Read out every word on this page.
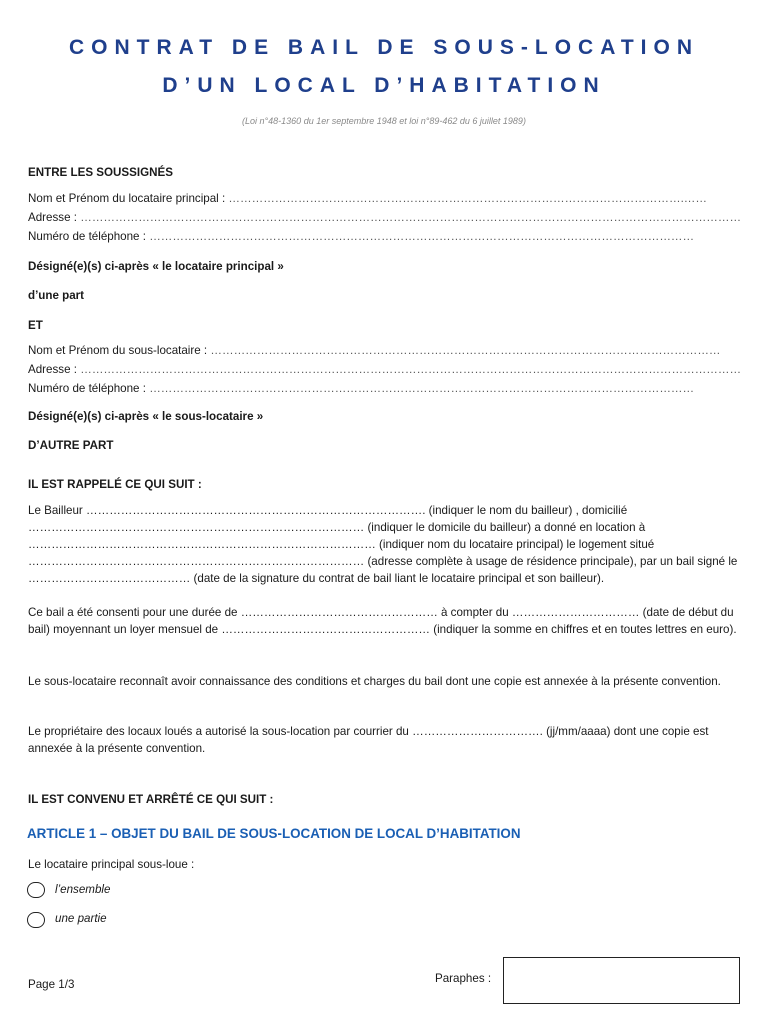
CONTRAT DE BAIL DE SOUS-LOCATION
D’UN LOCAL D’HABITATION
(Loi n°48-1360 du 1er septembre 1948 et loi n°89-462 du 6 juillet 1989)
ENTRE LES SOUSSIGNÉS
Nom et Prénom du locataire principal : ……………………………………………………………………………………………………….……
Adresse : ………………………………………………………………………………………………………………………………………………………
Numéro de téléphone : ……………………………………………………………………………………………………………………………
Désigné(e)(s) ci-après « le locataire principal »
d’une part
ET
Nom et Prénom du sous-locataire : ……………………………………………………………………………………………………………………
Adresse : ………………………………………………………………………………………………………………………………………………………
Numéro de téléphone : ……………………………………………………………………………………………………………………………
Désigné(e)(s) ci-après « le sous-locataire »
D’AUTRE PART
IL EST RAPPELÉ CE QUI SUIT :
Le Bailleur ……………………………………………………………………………. (indiquer le nom du bailleur) , domicilié …………………………………………………………………………… (indiquer le domicile du bailleur) a donné en location à ……………………………………………………………………………… (indiquer nom du locataire principal) le logement situé …………………………………………………………………………… (adresse complète à usage de résidence principale), par un bail signé le …………………………………… (date de la signature du contrat de bail liant le locataire principal et son bailleur).
Ce bail a été consenti pour une durée de …………………………………………… à compter du …………………………… (date de début du bail) moyennant un loyer mensuel de ……………………………………………… (indiquer la somme en chiffres et en toutes lettres en euro).
Le sous-locataire reconnaît avoir connaissance des conditions et charges du bail dont une copie est annexée à la présente convention.
Le propriétaire des locaux loués a autorisé la sous-location par courrier du ……………………………. (jj/mm/aaaa) dont une copie est annexée à la présente convention.
IL EST CONVENU ET ARRÊTÉ CE QUI SUIT :
ARTICLE 1 – OBJET DU BAIL DE SOUS-LOCATION DE LOCAL D’HABITATION
Le locataire principal sous-loue :
l’ensemble
une partie
Page 1/3	Paraphes :
